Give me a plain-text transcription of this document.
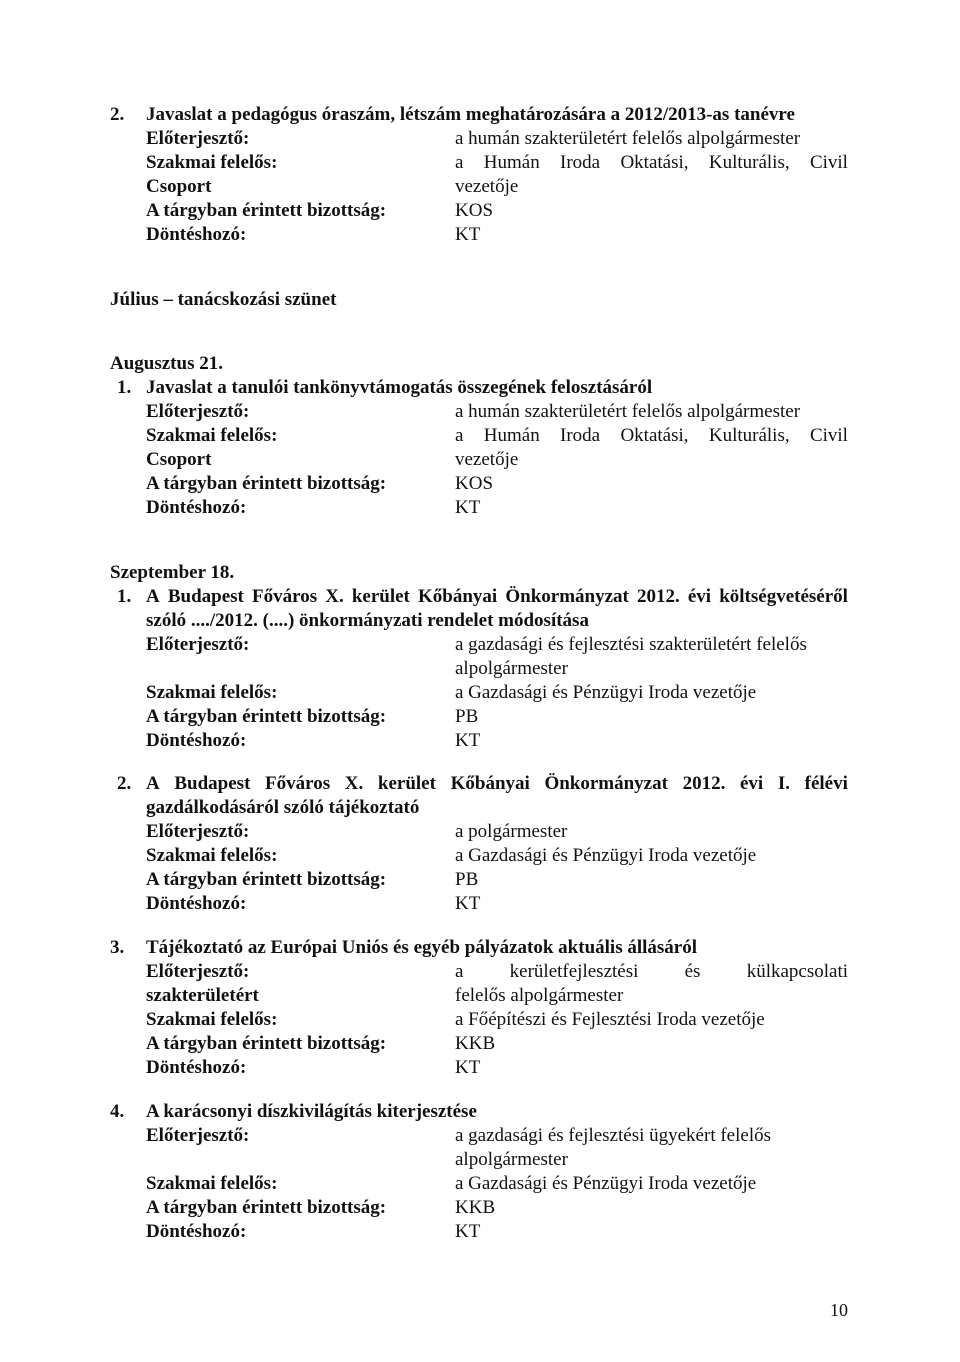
2. Javaslat a pedagógus óraszám, létszám meghatározására a 2012/2013-as tanévre
Előterjesztő:	a humán szakterületért felelős alpolgármester
Szakmai felelős:	a Humán Iroda Oktatási, Kulturális, Civil
Csoport	vezetője
A tárgyban érintett bizottság:	KOS
Döntéshozó:	KT
Július – tanácskozási szünet
Augusztus 21.
1. Javaslat a tanulói tankönyvtámogatás összegének felosztásáról
Előterjesztő:	a humán szakterületért felelős alpolgármester
Szakmai felelős:	a Humán Iroda Oktatási, Kulturális, Civil
Csoport	vezetője
A tárgyban érintett bizottság:	KOS
Döntéshozó:	KT
Szeptember 18.
1. A Budapest Főváros X. kerület Kőbányai Önkormányzat 2012. évi költségvetéséről
szóló ..../2012. (....) önkormányzati rendelet módosítása
Előterjesztő:	a gazdasági és fejlesztési szakterületért felelős
alpolgármester
Szakmai felelős:	a Gazdasági és Pénzügyi Iroda vezetője
A tárgyban érintett bizottság:	PB
Döntéshozó:	KT
2. A Budapest Főváros X. kerület Kőbányai Önkormányzat 2012. évi I. félévi
gazdálkodásáról szóló tájékoztató
Előterjesztő:	a polgármester
Szakmai felelős:	a Gazdasági és Pénzügyi Iroda vezetője
A tárgyban érintett bizottság:	PB
Döntéshozó:	KT
3. Tájékoztató az Európai Uniós és egyéb pályázatok aktuális állásáról
Előterjesztő:	a kerületfejlesztési és külkapcsolati
szakterületért	felelős alpolgármester
Szakmai felelős:	a Főépítészi és Fejlesztési Iroda vezetője
A tárgyban érintett bizottság:	KKB
Döntéshozó:	KT
4. A karácsonyi díszkivilágítás kiterjesztése
Előterjesztő:	a gazdasági és fejlesztési ügyekért felelős
alpolgármester
Szakmai felelős:	a Gazdasági és Pénzügyi Iroda vezetője
A tárgyban érintett bizottság:	KKB
Döntéshozó:	KT
10
